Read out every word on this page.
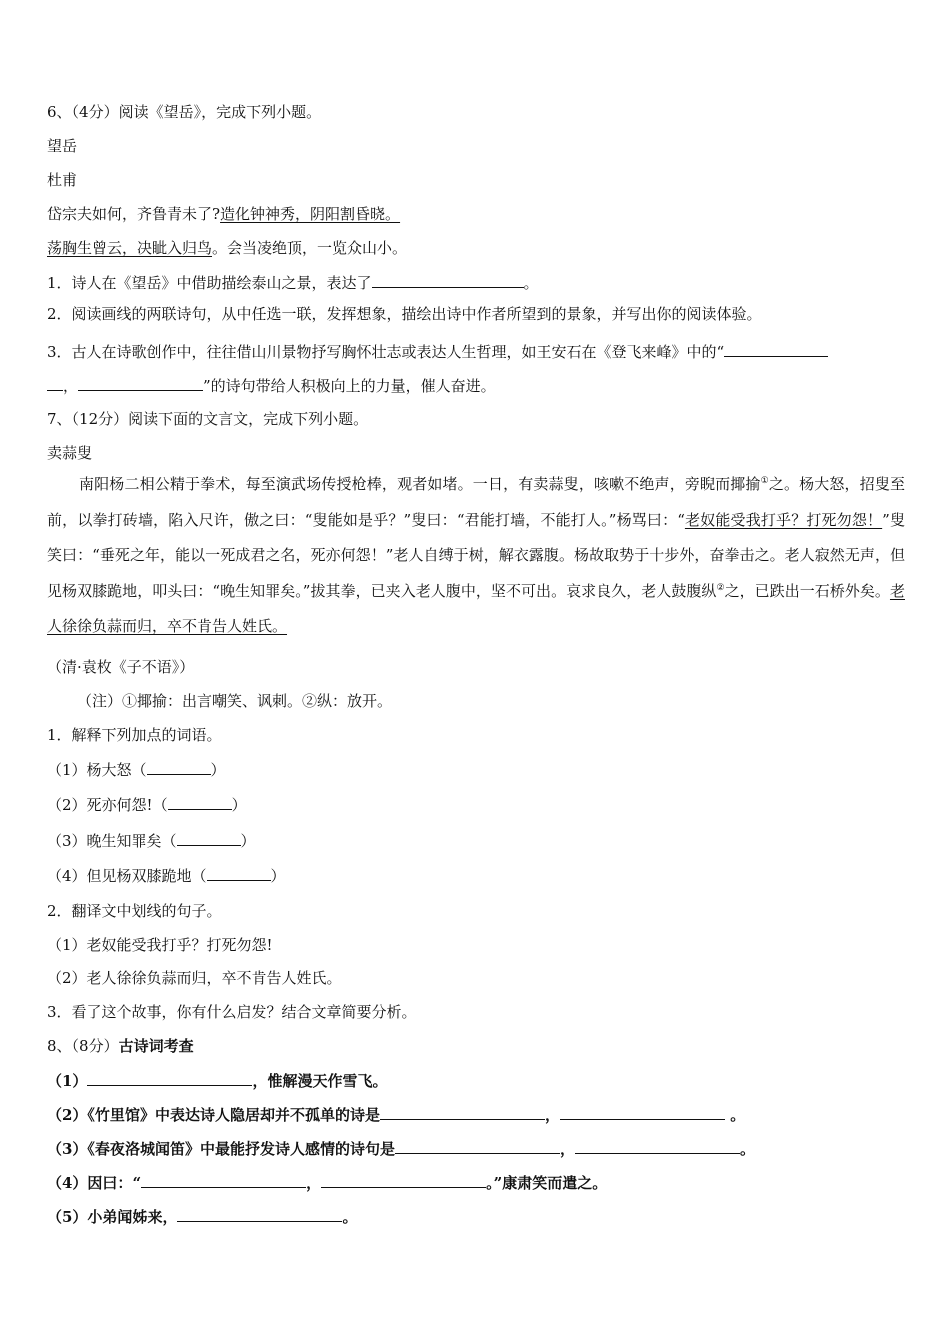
6、（4分）阅读《望岳》，完成下列小题。
望岳
杜甫
岱宗夫如何，齐鲁青未了?造化钟神秀，阴阳割昏晓。
荡胸生曾云，决眦入归鸟。会当凌绝顶，一览众山小。
1．诗人在《望岳》中借助描绘泰山之景，表达了	。
2．阅读画线的两联诗句，从中任选一联，发挥想象，描绘出诗中作者所望到的景象，并写出你的阅读体验。
3．古人在诗歌创作中，往往借山川景物抒写胸怀壮志或表达人生哲理，如王安石在《登飞来峰》中的“
，	”的诗句带给人积极向上的力量，催人奋进。
7、（12分）阅读下面的文言文，完成下列小题。
卖蒜叟
南阳杨二相公精于拳术，每至演武场传授枪棒，观者如堵。一日，有卖蒜叟，咳嗽不绝声，旁睨而揶揄①之。杨大怒，招叟至前，以拳打砖墙，陷入尺许，傲之曰：“叟能如是乎？”叟曰：“君能打墙，不能打人。”杨骂曰：“老奴能受我打乎？打死勿怨！”叟笑曰：“垂死之年，能以一死成君之名，死亦何怨！”老人自缚于树，解衣露腹。杨故取势于十步外，奋拳击之。老人寂然无声，但见杨双膝跪地，叩头曰：“晚生知罪矣。”拔其拳，已夹入老人腹中，坚不可出。哀求良久，老人鼓腹纵②之，已跌出一石桥外矣。老人徐徐负蒜而归，卒不肯告人姓氏。
（清·袁枚《子不语》）
（注）①揶揄：出言嘲笑、讽刺。②纵：放开。
1．解释下列加点的词语。
（1）杨大怒（	）
（2）死亦何怨!（	）
（3）晚生知罪矣（	）
（4）但见杨双膝跪地（	）
2．翻译文中划线的句子。
（1）老奴能受我打乎？打死勿怨!
（2）老人徐徐负蒜而归，卒不肯告人姓氏。
3．看了这个故事，你有什么启发？结合文章简要分析。
8、（8分）古诗词考查
（1）	，惟解漫天作雪飞。
（2）《竹里馆》中表达诗人隐居却并不孤单的诗是	，	。
（3）《春夜洛城闻笛》中最能抒发诗人感情的诗句是	，	。
（4）因曰：“	，	。”康肃笑而遣之。
（5）小弟闻姊来，	。
